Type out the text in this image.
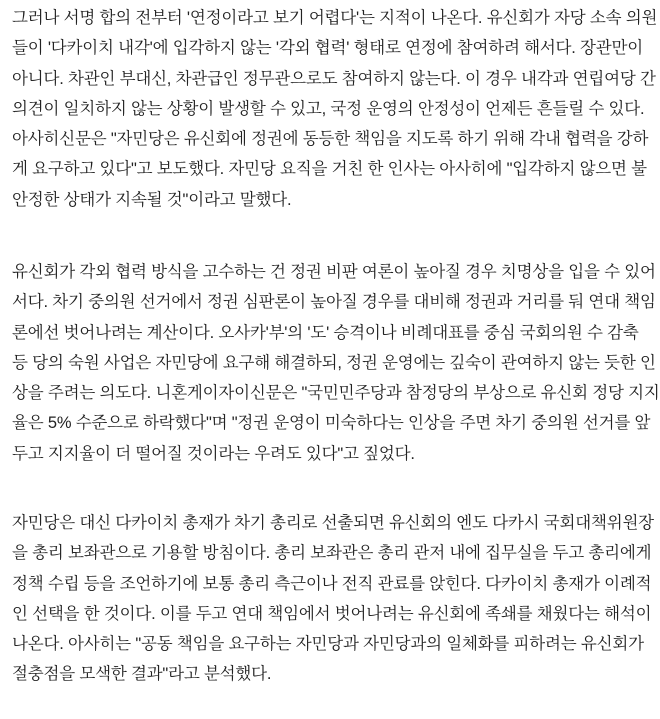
그러나 서명 합의 전부터 '연정이라고 보기 어렵다'는 지적이 나온다. 유신회가 자당 소속 의원
들이 '다카이치 내각'에 입각하지 않는 '각외 협력' 형태로 연정에 참여하려 해서다. 장관만이
아니다. 차관인 부대신, 차관급인 정무관으로도 참여하지 않는다. 이 경우 내각과 연립여당 간
의견이 일치하지 않는 상황이 발생할 수 있고, 국정 운영의 안정성이 언제든 흔들릴 수 있다.
아사히신문은 "자민당은 유신회에 정권에 동등한 책임을 지도록 하기 위해 각내 협력을 강하
게 요구하고 있다"고 보도했다. 자민당 요직을 거친 한 인사는 아사히에 "입각하지 않으면 불
안정한 상태가 지속될 것"이라고 말했다.

유신회가 각외 협력 방식을 고수하는 건 정권 비판 여론이 높아질 경우 치명상을 입을 수 있어
서다. 차기 중의원 선거에서 정권 심판론이 높아질 경우를 대비해 정권과 거리를 둬 연대 책임
론에선 벗어나려는 계산이다. 오사카'부'의 '도' 승격이나 비례대표를 중심 국회의원 수 감축
등 당의 숙원 사업은 자민당에 요구해 해결하되, 정권 운영에는 깊숙이 관여하지 않는 듯한 인
상을 주려는 의도다. 니혼게이자이신문은 "국민민주당과 참정당의 부상으로 유신회 정당 지지
율은 5% 수준으로 하락했다"며 "정권 운영이 미숙하다는 인상을 주면 차기 중의원 선거를 앞
두고 지지율이 더 떨어질 것이라는 우려도 있다"고 짚었다.

자민당은 대신 다카이치 총재가 차기 총리로 선출되면 유신회의 엔도 다카시 국회대책위원장
을 총리 보좌관으로 기용할 방침이다. 총리 보좌관은 총리 관저 내에 집무실을 두고 총리에게
정책 수립 등을 조언하기에 보통 총리 측근이나 전직 관료를 앉힌다. 다카이치 총재가 이례적
인 선택을 한 것이다. 이를 두고 연대 책임에서 벗어나려는 유신회에 족쇄를 채웠다는 해석이
나온다. 아사히는 "공동 책임을 요구하는 자민당과 자민당과의 일체화를 피하려는 유신회가
절충점을 모색한 결과"라고 분석했다.
